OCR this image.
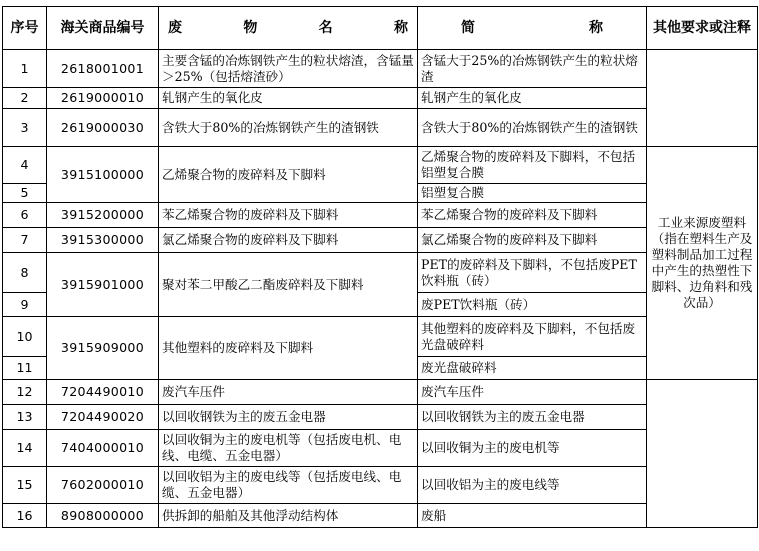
序号	海关商品编号	废 物 名 称	简 称	其他要求或注释
1	2618001001	主要含锰的冶炼钢铁产生的粒状熔渣，含锰量＞25%（包括熔渣砂）	含锰大于25%的冶炼钢铁产生的粒状熔渣	
2	2619000010	轧钢产生的氧化皮	轧钢产生的氧化皮	
3	2619000030	含铁大于80%的冶炼钢铁产生的渣钢铁	含铁大于80%的冶炼钢铁产生的渣钢铁	
4	3915100000	乙烯聚合物的废碎料及下脚料	乙烯聚合物的废碎料及下脚料，不包括铝塑复合膜	工业来源废塑料（指在塑料生产及塑料制品加工过程中产生的热塑性下脚料、边角料和残次品）
5			铝塑复合膜	
6	3915200000	苯乙烯聚合物的废碎料及下脚料	苯乙烯聚合物的废碎料及下脚料	
7	3915300000	氯乙烯聚合物的废碎料及下脚料	氯乙烯聚合物的废碎料及下脚料	
8	3915901000	聚对苯二甲酸乙二酯废碎料及下脚料	PET的废碎料及下脚料，不包括废PET饮料瓶（砖）	
9			废PET饮料瓶（砖）	
10	3915909000	其他塑料的废碎料及下脚料	其他塑料的废碎料及下脚料，不包括废光盘破碎料	
11			废光盘破碎料	
12	7204490010	废汽车压件	废汽车压件	
13	7204490020	以回收钢铁为主的废五金电器	以回收钢铁为主的废五金电器	
14	7404000010	以回收铜为主的废电机等（包括废电机、电线、电缆、五金电器）	以回收铜为主的废电机等	
15	7602000010	以回收铝为主的废电线等（包括废电线、电缆、五金电器）	以回收铝为主的废电线等	
16	8908000000	供拆卸的船舶及其他浮动结构体	废船	
